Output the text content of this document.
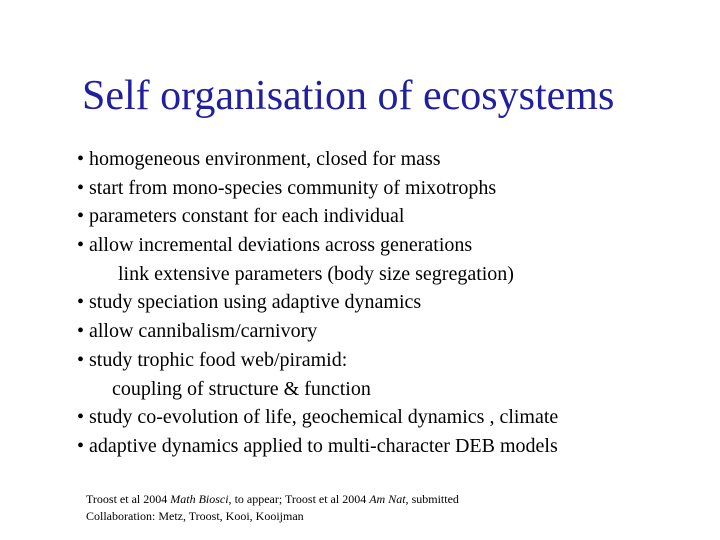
Self organisation of ecosystems
• homogeneous environment, closed for mass
• start from mono-species community of mixotrophs
• parameters constant for each individual
• allow incremental deviations across generations
link extensive parameters (body size segregation)
• study speciation using adaptive dynamics
• allow cannibalism/carnivory
• study trophic food web/piramid:
coupling of structure & function
• study co-evolution of life, geochemical dynamics , climate
• adaptive dynamics applied to multi-character DEB models
Troost et al 2004 Math Biosci, to appear; Troost et al 2004 Am Nat, submitted
Collaboration: Metz, Troost, Kooi, Kooijman
